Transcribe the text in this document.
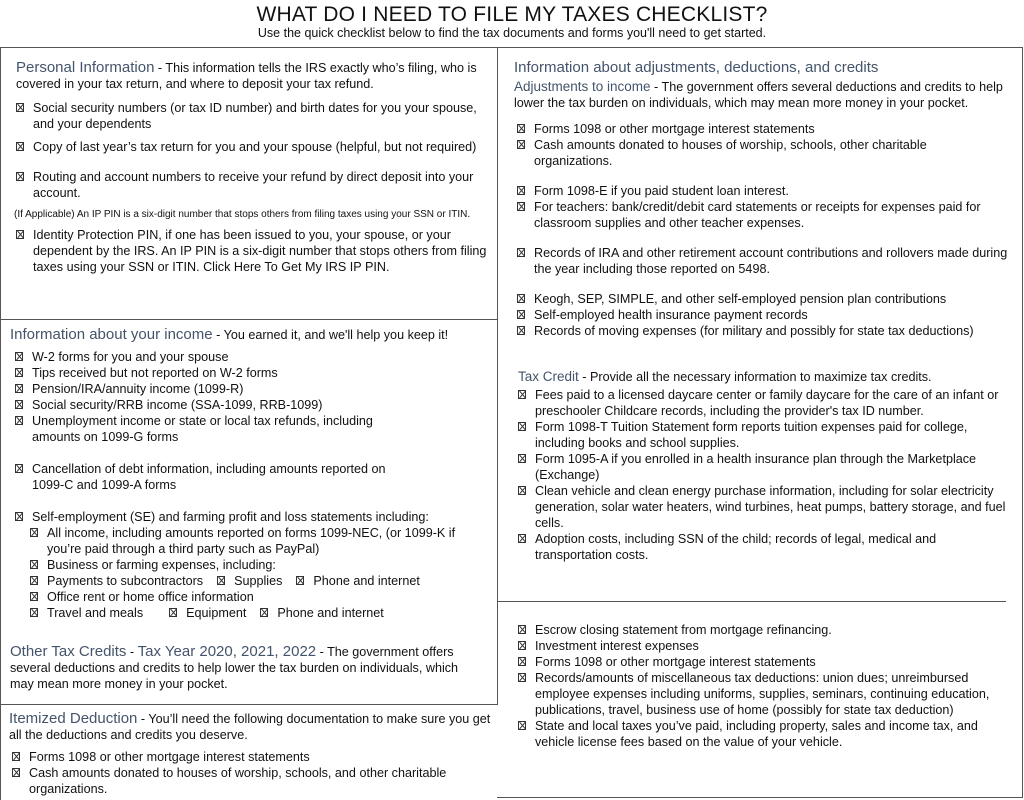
WHAT DO I NEED TO FILE MY TAXES CHECKLIST?
Use the quick checklist below to find the tax documents and forms you'll need to get started.
Personal Information - This information tells the IRS exactly who’s filing, who is covered in your tax return, and where to deposit your tax refund.
Social security numbers (or tax ID number) and birth dates for you your spouse, and your dependents
Copy of last year’s tax return for you and your spouse (helpful, but not required)
Routing and account numbers to receive your refund by direct deposit into your account.
(If Applicable) An IP PIN is a six-digit number that stops others from filing taxes using your SSN or ITIN.
Identity Protection PIN, if one has been issued to you, your spouse, or your dependent by the IRS. An IP PIN is a six-digit number that stops others from filing taxes using your SSN or ITIN. Click Here To Get My IRS IP PIN.
Information about your income - You earned it, and we'll help you keep it!
W-2 forms for you and your spouse
Tips received but not reported on W-2 forms
Pension/IRA/annuity income (1099-R)
Social security/RRB income (SSA-1099, RRB-1099)
Unemployment income or state or local tax refunds, including amounts on 1099-G forms
Cancellation of debt information, including amounts reported on 1099-C and 1099-A forms
Self-employment (SE) and farming profit and loss statements including:
All income, including amounts reported on forms 1099-NEC, (or 1099-K if you’re paid through a third party such as PayPal)
Business or farming expenses, including:
Payments to subcontractors Supplies Phone and internet
Office rent or home office information
Travel and meals	Equipment Phone and internet
Other Tax Credits - Tax Year 2020, 2021, 2022 - The government offers several deductions and credits to help lower the tax burden on individuals, which may mean more money in your pocket.
Itemized Deduction - You’ll need the following documentation to make sure you get all the deductions and credits you deserve.
Forms 1098 or other mortgage interest statements
Cash amounts donated to houses of worship, schools, and other charitable organizations.
Information about adjustments, deductions, and credits
Adjustments to income - The government offers several deductions and credits to help lower the tax burden on individuals, which may mean more money in your pocket.
Forms 1098 or other mortgage interest statements
Cash amounts donated to houses of worship, schools, other charitable organizations.
Form 1098-E if you paid student loan interest.
For teachers: bank/credit/debit card statements or receipts for expenses paid for classroom supplies and other teacher expenses.
Records of IRA and other retirement account contributions and rollovers made during the year including those reported on 5498.
Keogh, SEP, SIMPLE, and other self-employed pension plan contributions
Self-employed health insurance payment records
Records of moving expenses (for military and possibly for state tax deductions)
Tax Credit - Provide all the necessary information to maximize tax credits.
Fees paid to a licensed daycare center or family daycare for the care of an infant or preschooler Childcare records, including the provider's tax ID number.
Form 1098-T Tuition Statement form reports tuition expenses paid for college, including books and school supplies.
Form 1095-A if you enrolled in a health insurance plan through the Marketplace (Exchange)
Clean vehicle and clean energy purchase information, including for solar electricity generation, solar water heaters, wind turbines, heat pumps, battery storage, and fuel cells.
Adoption costs, including SSN of the child; records of legal, medical and transportation costs.
Escrow closing statement from mortgage refinancing.
Investment interest expenses
Forms 1098 or other mortgage interest statements
Records/amounts of miscellaneous tax deductions: union dues; unreimbursed employee expenses including uniforms, supplies, seminars, continuing education, publications, travel, business use of home (possibly for state tax deduction)
State and local taxes you’ve paid, including property, sales and income tax, and vehicle license fees based on the value of your vehicle.
